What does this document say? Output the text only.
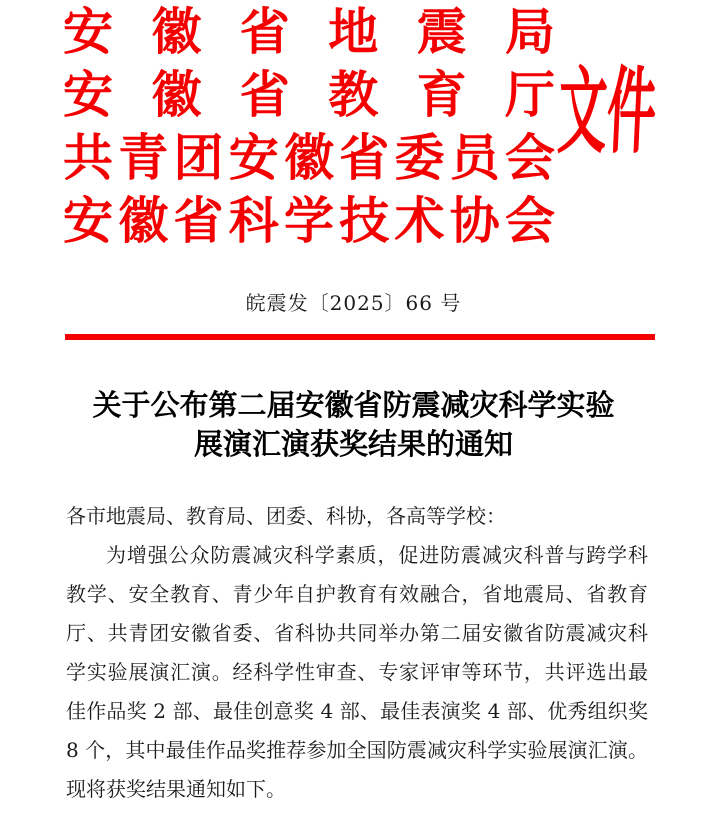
安徽省地震局
安徽省教育厅
共青团安徽省委员会
安徽省科学技术协会
文件
皖震发〔2025〕66 号
关于公布第二届安徽省防震减灾科学实验
展演汇演获奖结果的通知
各市地震局、教育局、团委、科协，各高等学校：
为增强公众防震减灾科学素质，促进防震减灾科普与跨学科
教学、安全教育、青少年自护教育有效融合，省地震局、省教育
厅、共青团安徽省委、省科协共同举办第二届安徽省防震减灾科
学实验展演汇演。经科学性审查、专家评审等环节，共评选出最
佳作品奖 2 部、最佳创意奖 4 部、最佳表演奖 4 部、优秀组织奖
8 个，其中最佳作品奖推荐参加全国防震减灾科学实验展演汇演。
现将获奖结果通知如下。
